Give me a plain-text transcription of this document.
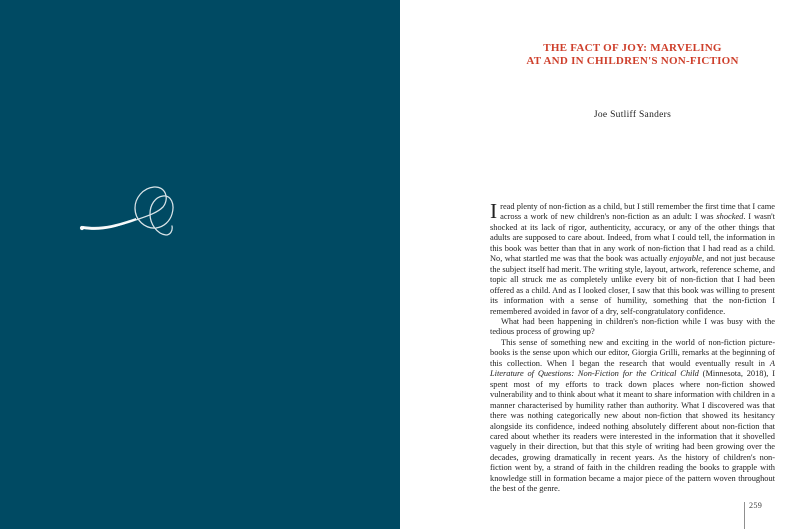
THE FACT OF JOY: MARVELING
AT AND IN CHILDREN'S NON-FICTION
Joe Sutliff Sanders

Iread plenty of non-fiction as a child, but I still remember the first time that I came across a work of new children's non-fiction as an adult: I was shocked. I wasn't shocked at its lack of rigor, authenticity, accuracy, or any of the other things that adults are supposed to care about. Indeed, from what I could tell, the information in this book was better than that in any work of non-fiction that I had read as a child. No, what startled me was that the book was actually enjoyable, and not just because the subject itself had merit. The writing style, layout, artwork, reference scheme, and topic all struck me as completely unlike every bit of non-fiction that I had been offered as a child. And as I looked closer, I saw that this book was willing to present its information with a sense of humility, something that the non-fiction I remembered avoided in favor of a dry, self-congratulatory confidence.

What had been happening in children's non-fiction while I was busy with the tedious process of growing up?

This sense of something new and exciting in the world of non-fiction picture-books is the sense upon which our editor, Giorgia Grilli, remarks at the beginning of this collection. When I began the research that would eventually result in A Literature of Questions: Non-Fiction for the Critical Child (Minnesota, 2018), I spent most of my efforts to track down places where non-fiction showed vulnerability and to think about what it meant to share information with children in a manner characterised by humility rather than authority. What I discovered was that there was nothing categorically new about non-fiction that showed its hesitancy alongside its confidence, indeed nothing absolutely different about non-fiction that cared about whether its readers were interested in the information that it shovelled vaguely in their direction, but that this style of writing had been growing over the decades, growing dramatically in recent years. As the history of children's non-fiction went by, a strand of faith in the children reading the books to grapple with knowledge still in formation became a major piece of the pattern woven throughout the best of the genre.

259
